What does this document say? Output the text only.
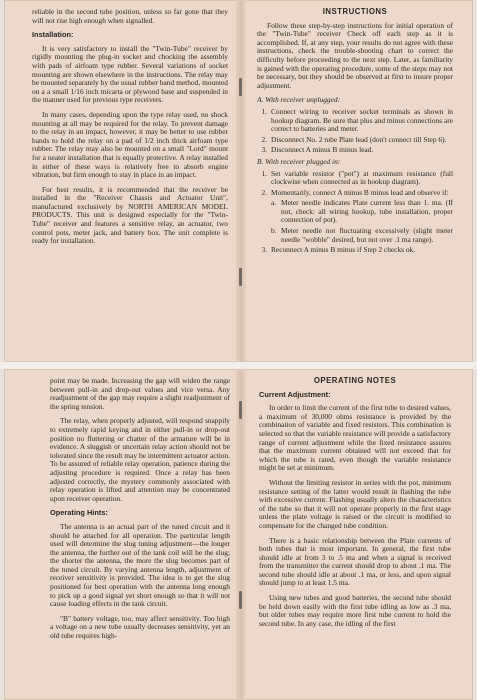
reliable in the second tube position, unless so far gone that they will not rise high enough when signalled.

Installation:

It is very satisfactory to install the "Twin-Tube" receiver by rigidly mounting the plug-in socket and chocking the assembly with pads of airfoam type rubber. Several variations of socket mounting are shown elsewhere in the instructions. The relay may be mounted separately by the usual rubber band method, mounted on a a small 1/16 inch micarta or plywood base and suspended in the manner used for previous type receivers.

In many cases, depending upon the type relay used, no shock mounting at all may be required for the relay. To prevent damage to the relay in an impact, however, it may be better to use rubber bands to hold the relay on a pad of 1/2 inch thick airfoam type rubber. The relay may also be mounted on a small "Lord" mount for a neater installation that is equally protective. A relay installed in either of these ways is relatively free to absorb engine vibration, but firm enough to stay in place in an impact.

For best results, it is recommended that the receiver be installed in the "Receiver Chassis and Actuator Unit", manufactured exclusively by NORTH AMERICAN MODEL PRODUCTS. This unit is designed especially for the "Twin-Tube" receiver and features a sensitive relay, an actuator, two control pots, meter jack, and battery box. The unit complete is ready for installation.

INSTRUCTIONS

Follow these step-by-step instructions for initial operation of the "Twin-Tube" receiver Check off each step as it is accomplished. If, at any step, your results do not agree with these instructions, check the trouble-shooting chart to correct the difficulty before proceeding to the next step. Later, as familiarity is gained with the operating procedure, some of the steps may not be necessary, but they should be observed at first to insure proper adjustment.

A. With receiver unplugged:

1. Connect wiring to receiver socket terminals as shown in hookup diagram. Be sure that plus and minus connections are correct to batteries and meter.
2. Disconnect No. 2 tube Plate lead (don't connect till Step 6).
3. Disconnect A minus B minus lead.

B. With receiver plugged in:

1. Set variable resistor ("pot") at maximum resistance (full clockwise when connected as in hookup diagram).
2. Momentarily, connect A minus B minus lead and observe if:
a. Meter needle indicates Plate current less than 1. ma. (If not, check: all wiring hookup, tube installation, proper connection of pot).
b. Meter needle not fluctuating excessively (slight meter needle "wobble" desired, but not over .1 ma range).
3. Reconnect A minus B minus if Step 2 checks ok.

point may be made. Increasing the gap will widen the range between pull-in and drop-out values and vice versa. Any readjustment of the gap may require a slight readjustment of the spring tension.

The relay, when properly adjusted, will respond snappily to extremely rapid keying and in either pull-in or drop-out position no fluttering or chatter of the armature will be in evidence. A sluggish or uncertain relay action should not be tolerated since the result may be intermittent actuator action. To be assured of reliable relay operation, patience during the adjusting procedure is required. Once a relay has been adjusted correctly, the mystery commonly associated with relay operation is lifted and attention may be concentrated upon receiver operation.

Operating Hints:

The antenna is an actual part of the tuned circuit and it should be attached for all operation. The particular length used will determine the slug tuning adjustment—the longer the antenna, the further out of the tank coil will be the slug; the shorter the antenna, the more the slug becomes part of the tuned circuit. By varying antenna length, adjustment of receiver sensitivity is provided. The idea is to get the slug positioned for best operation with the antenna long enough to pick up a good signal yet short enough so that it will not cause loading effects in the tank circuit.

"B" battery voltage, too, may affect sensitivity. Too high a voltage on a new tube usually decreases sensitivity, yet an old tube requires high-

OPERATING NOTES

Current Adjustment:

In order to limit the current of the first tube to desired values, a maximum of 30,000 ohms resistance is provided by the combination of variable and fixed resistors. This combination is selected so that the variable resistance will provide a satisfactory range of current adjustment while the fixed resistance assures that the maximum current obtained will not exceed that for which the tube is rated, even though the variable resistance might be set at minimum.

Without the limiting resistor in series with the pot, minimum resistance setting of the latter would result in flashing the tube with excessive current. Flashing usually alters the characteristics of the tube so that it will not operate properly in the first stage unless the plate voltage is raised or the circuit is modified to compensate for the changed tube condition.

There is a basic relationship between the Plate currents of both tubes that is most important. In general, the first tube should idle at from 3 to .5 ma and when a signal is received from the transmitter the current should drop to about .1 ma. The second tube should idle at about .1 ma, or less, and upon signal should jump to at least 1.5 ma.

Using new tubes and good batteries, the second tube should be held down easily with the first tube idling as low as .3 ma, but older tubes may require more first tube current to hold the second tube. In any case, the idling of the first
